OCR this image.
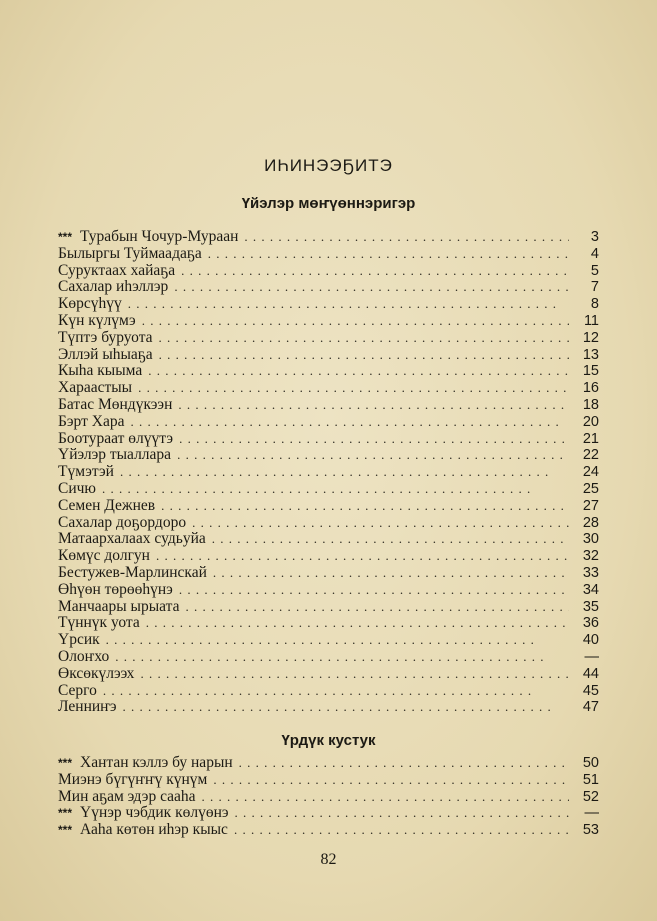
ИҺИНЭЭҔИТЭ
Үйэлэр мөҥүөннэригэр
*** Турабын Чочур-Мураан . . .	3
Былыргы Туймаадаҕа . . .	4
Суруктаах хайаҕа . . .	5
Сахалар иһэллэр . . .	7
Көрсүһүү . . .	8
Күн күлүмэ . . .	11
Түптэ буруота . . .	12
Эллэй ыһыаҕа . . .	13
Кыһа кыыма . . .	15
Хараастыы . . .	16
Батас Мөндүкээн . . .	18
Бэрт Хара . . .	20
Боотураат өлүүтэ . . .	21
Үйэлэр тыаллара . . .	22
Түмэтэй . . .	24
Сичю . . .	25
Семен Дежнев . . .	27
Сахалар доҕордоро . . .	28
Матаархалаах судьуйа . . .	30
Көмүс долгун . . .	32
Бестужев-Марлинскай . . .	33
Өһүөн төрөөһүнэ . . .	34
Манчаары ырыата . . .	35
Түннүк уота . . .	36
Үрсик . . .	40
Олоҥхо . . .	—
Өксөкүлээх . . .	44
Серго . . .	45
Ленниҥэ . . .	47
Үрдүк кустук
*** Хантан кэллэ бу нарын . . .	50
Миэнэ бүгүҥҥү күнүм . . .	51
Мин аҕам эдэр сааһа . . .	52
*** Үүнэр чэбдик көлүөнэ . . .	—
*** Ааһа көтөн иһэр кыыс . . .	53
82
